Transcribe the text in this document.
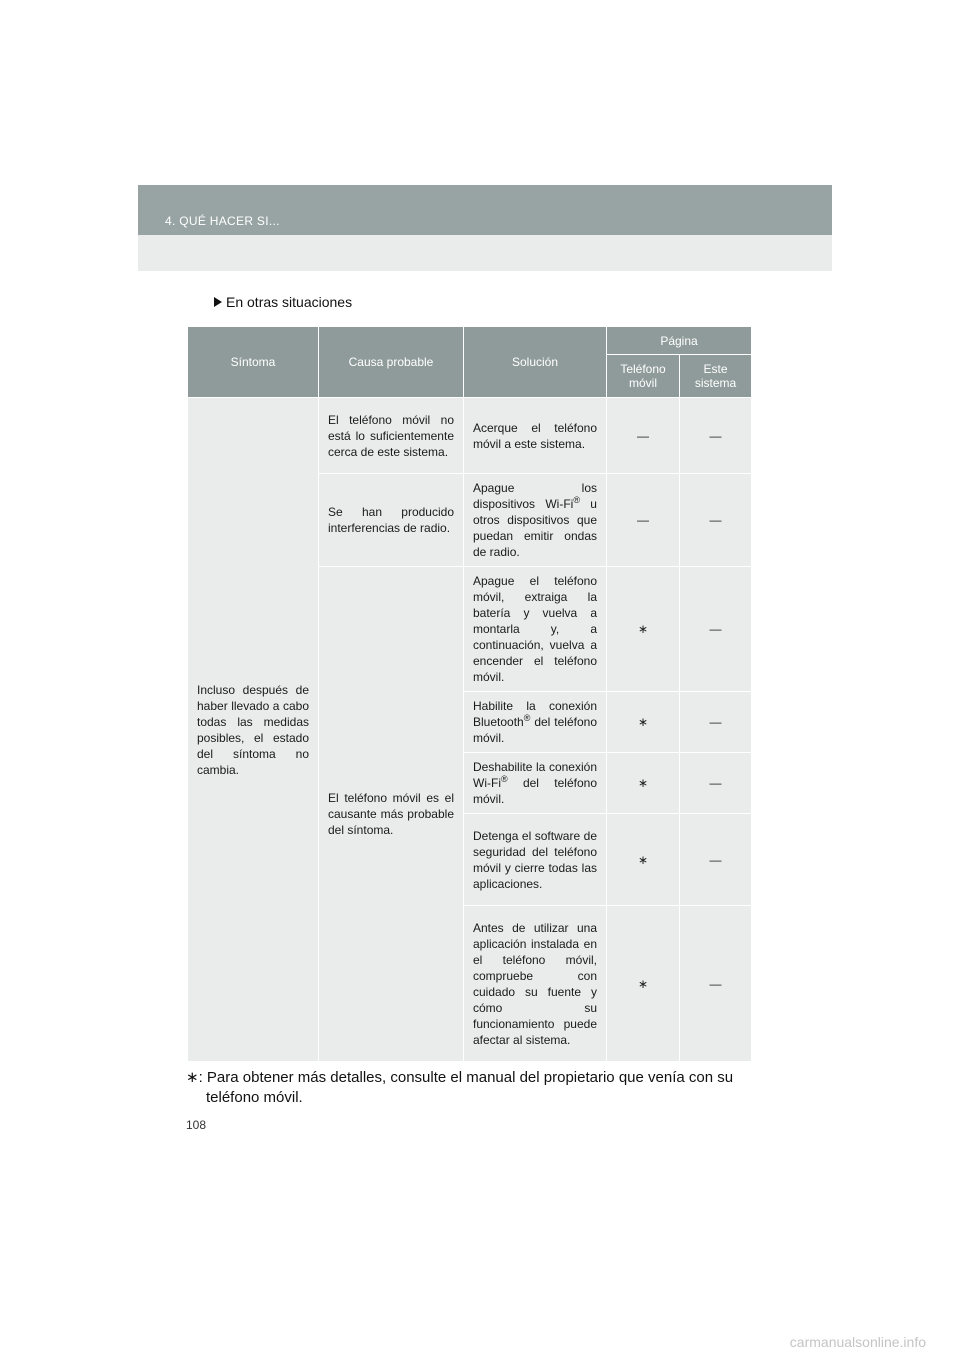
4. QUÉ HACER SI...
En otras situaciones
Síntoma	Causa probable	Solución	Página	
			Teléfono móvil	Este sistema
Incluso después de haber llevado a cabo todas las medidas posibles, el estado del síntoma no cambia.	El teléfono móvil no está lo suficientemente cerca de este sistema.	Acerque el teléfono móvil a este sistema.	—	—
	Se han producido interferencias de radio.	Apague los dispositivos Wi-Fi® u otros dispositivos que puedan emitir ondas de radio.	—	—
	El teléfono móvil es el causante más probable del síntoma.	Apague el teléfono móvil, extraiga la batería y vuelva a montarla y, a continuación, vuelva a encender el teléfono móvil.	∗	—
		Habilite la conexión Bluetooth® del teléfono móvil.	∗	—
		Deshabilite la conexión Wi-Fi® del teléfono móvil.	∗	—
		Detenga el software de seguridad del teléfono móvil y cierre todas las aplicaciones.	∗	—
		Antes de utilizar una aplicación instalada en el teléfono móvil, compruebe con cuidado su fuente y cómo su funcionamiento puede afectar al sistema.	∗	—
∗: Para obtener más detalles, consulte el manual del propietario que venía con su
teléfono móvil.
108
carmanualsonline.info
